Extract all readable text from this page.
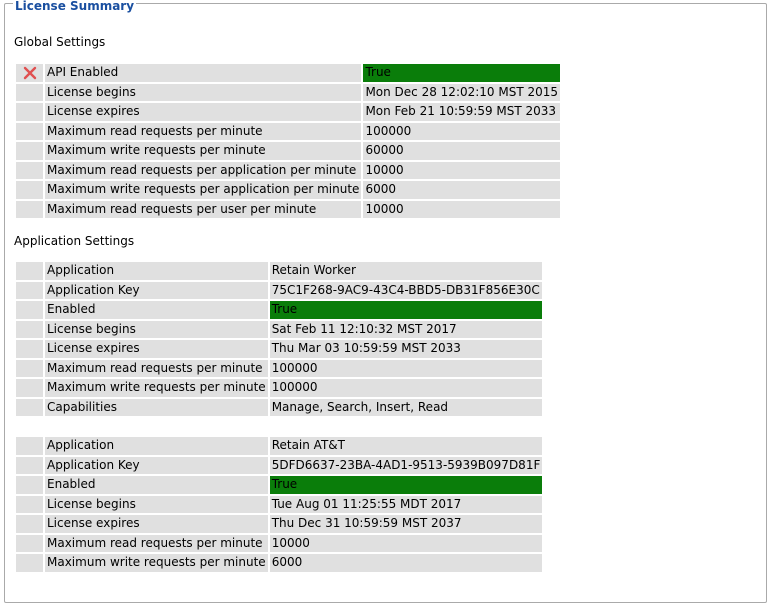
License Summary
Global Settings
	API Enabled	True
	License begins	Mon Dec 28 12:02:10 MST 2015
	License expires	Mon Feb 21 10:59:59 MST 2033
	Maximum read requests per minute	100000
	Maximum write requests per minute	60000
	Maximum read requests per application per minute	10000
	Maximum write requests per application per minute	6000
	Maximum read requests per user per minute	10000
Application Settings
	Application	Retain Worker
	Application Key	75C1F268-9AC9-43C4-BBD5-DB31F856E30C
	Enabled	True
	License begins	Sat Feb 11 12:10:32 MST 2017
	License expires	Thu Mar 03 10:59:59 MST 2033
	Maximum read requests per minute	100000
	Maximum write requests per minute	100000
	Capabilities	Manage, Search, Insert, Read
	Application	Retain AT&T
	Application Key	5DFD6637-23BA-4AD1-9513-5939B097D81F
	Enabled	True
	License begins	Tue Aug 01 11:25:55 MDT 2017
	License expires	Thu Dec 31 10:59:59 MST 2037
	Maximum read requests per minute	10000
	Maximum write requests per minute	6000
